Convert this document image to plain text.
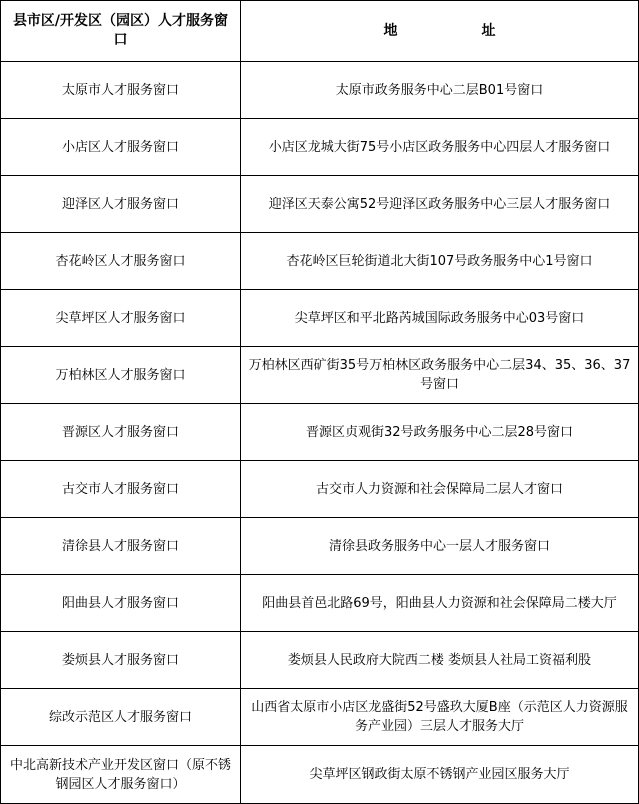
县市区/开发区（园区）人才服务窗口	地 址
太原市人才服务窗口	太原市政务服务中心二层B01号窗口
小店区人才服务窗口	小店区龙城大街75号小店区政务服务中心四层人才服务窗口
迎泽区人才服务窗口	迎泽区天泰公寓52号迎泽区政务服务中心三层人才服务窗口
杏花岭区人才服务窗口	杏花岭区巨轮街道北大街107号政务服务中心1号窗口
尖草坪区人才服务窗口	尖草坪区和平北路芮城国际政务服务中心03号窗口
万柏林区人才服务窗口	万柏林区西矿街35号万柏林区政务服务中心二层34、35、36、37号窗口
晋源区人才服务窗口	晋源区贞观街32号政务服务中心二层28号窗口
古交市人才服务窗口	古交市人力资源和社会保障局二层人才窗口
清徐县人才服务窗口	清徐县政务服务中心一层人才服务窗口
阳曲县人才服务窗口	阳曲县首邑北路69号，阳曲县人力资源和社会保障局二楼大厅
娄烦县人才服务窗口	娄烦县人民政府大院西二楼 娄烦县人社局工资福利股
综改示范区人才服务窗口	山西省太原市小店区龙盛街52号盛玖大厦B座（示范区人力资源服务产业园）三层人才服务大厅
中北高新技术产业开发区窗口（原不锈钢园区人才服务窗口）	尖草坪区钢政街太原不锈钢产业园区服务大厅
